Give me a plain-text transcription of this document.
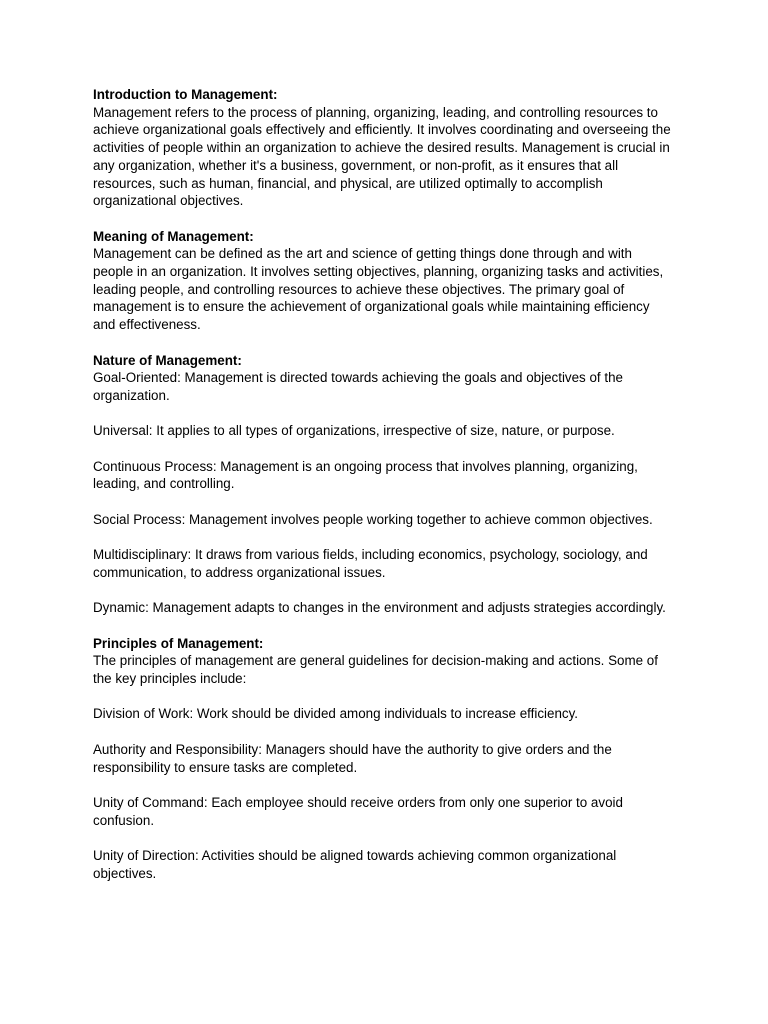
Introduction to Management:

Management refers to the process of planning, organizing, leading, and controlling resources to achieve organizational goals effectively and efficiently. It involves coordinating and overseeing the activities of people within an organization to achieve the desired results. Management is crucial in any organization, whether it's a business, government, or non-profit, as it ensures that all resources, such as human, financial, and physical, are utilized optimally to accomplish organizational objectives.

Meaning of Management:

Management can be defined as the art and science of getting things done through and with people in an organization. It involves setting objectives, planning, organizing tasks and activities, leading people, and controlling resources to achieve these objectives. The primary goal of management is to ensure the achievement of organizational goals while maintaining efficiency and effectiveness.

Nature of Management:

Goal-Oriented: Management is directed towards achieving the goals and objectives of the organization.

Universal: It applies to all types of organizations, irrespective of size, nature, or purpose.

Continuous Process: Management is an ongoing process that involves planning, organizing, leading, and controlling.

Social Process: Management involves people working together to achieve common objectives.

Multidisciplinary: It draws from various fields, including economics, psychology, sociology, and communication, to address organizational issues.

Dynamic: Management adapts to changes in the environment and adjusts strategies accordingly.

Principles of Management:

The principles of management are general guidelines for decision-making and actions. Some of the key principles include:

Division of Work: Work should be divided among individuals to increase efficiency.

Authority and Responsibility: Managers should have the authority to give orders and the responsibility to ensure tasks are completed.

Unity of Command: Each employee should receive orders from only one superior to avoid confusion.

Unity of Direction: Activities should be aligned towards achieving common organizational objectives.
